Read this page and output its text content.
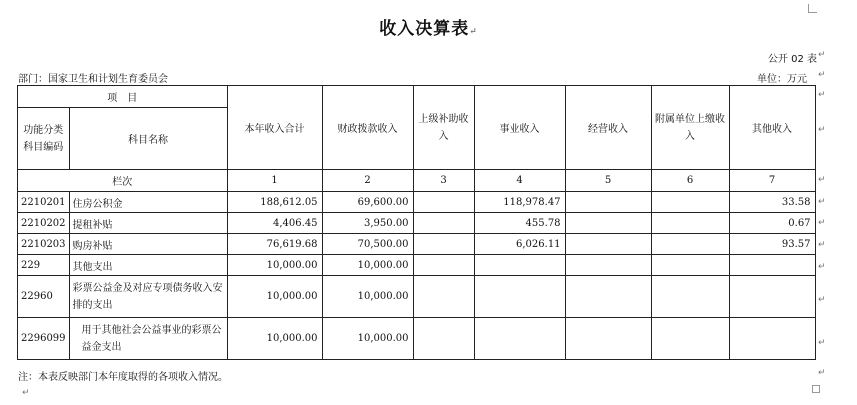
收入决算表↵
公开 02 表 ↵
部门：国家卫生和计划生育委员会	单位：万元 ↵
项　目		本年收入合计	财政拨款收入	上级补助收入	事业收入	经营收入	附属单位上缴收入	其他收入
功能分类科目编码	科目名称							
栏次		1	2	3	4	5	6	7
2210201	住房公积金	188,612.05	69,600.00		118,978.47			33.58
2210202	提租补贴	4,406.45	3,950.00		455.78			0.67
2210203	购房补贴	76,619.68	70,500.00		6,026.11			93.57
229	其他支出	10,000.00	10,000.00					
22960	彩票公益金及对应专项债务收入安排的支出	10,000.00	10,000.00					
2296099	用于其他社会公益事业的彩票公益金支出	10,000.00	10,000.00					
↵
↵
↵
↵
↵
↵
↵
↵
↵
注：本表反映部门本年度取得的各项收入情况。	↵
↵
